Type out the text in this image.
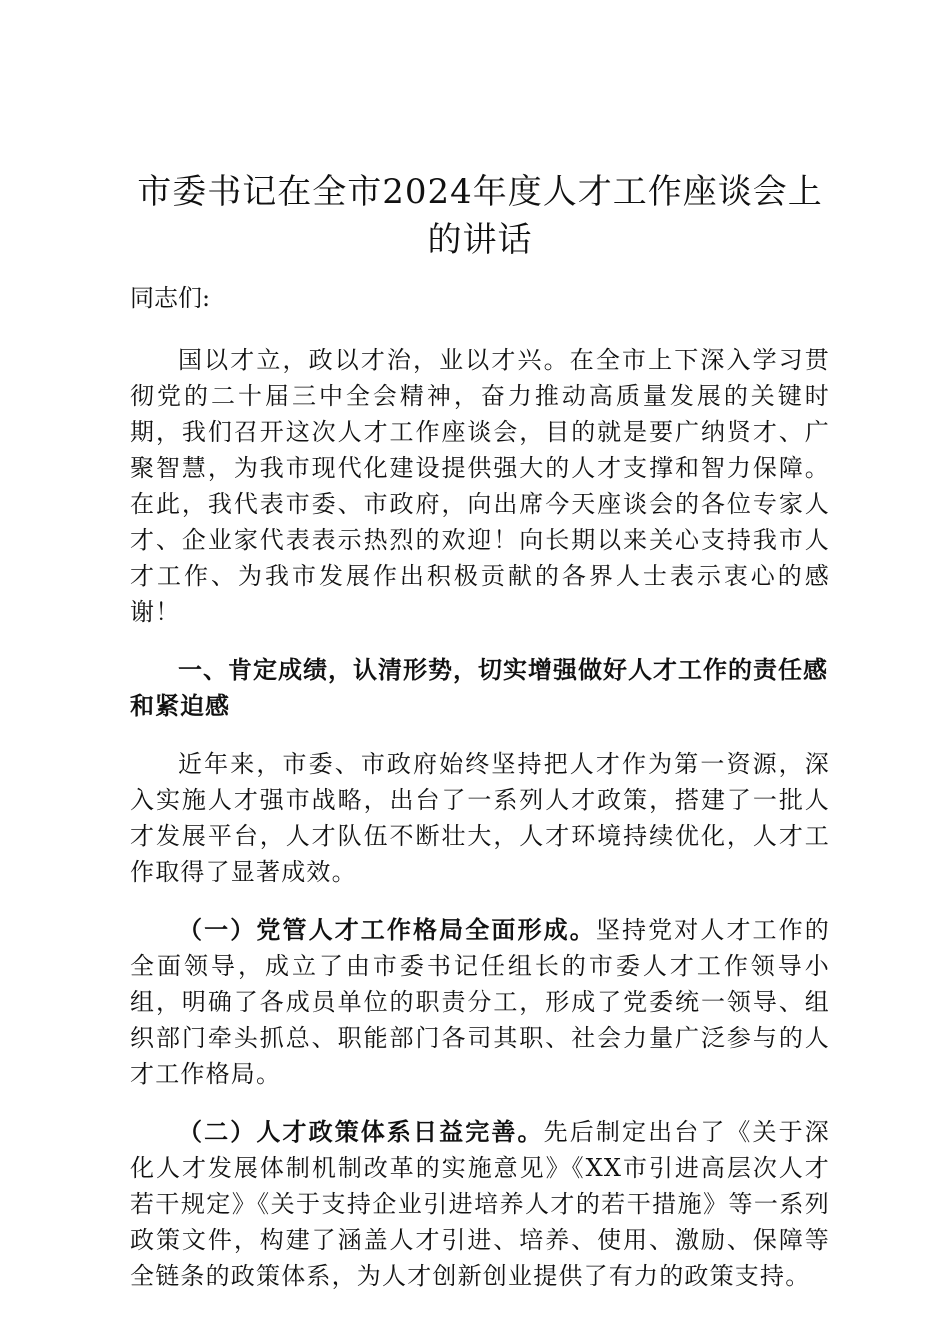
市委书记在全市2024年度人才工作座谈会上的讲话

同志们:

国以才立，政以才治，业以才兴。在全市上下深入学习贯彻党的二十届三中全会精神，奋力推动高质量发展的关键时期，我们召开这次人才工作座谈会，目的就是要广纳贤才、广聚智慧，为我市现代化建设提供强大的人才支撑和智力保障。在此，我代表市委、市政府，向出席今天座谈会的各位专家人才、企业家代表表示热烈的欢迎！向长期以来关心支持我市人才工作、为我市发展作出积极贡献的各界人士表示衷心的感谢！

一、肯定成绩，认清形势，切实增强做好人才工作的责任感和紧迫感

近年来，市委、市政府始终坚持把人才作为第一资源，深入实施人才强市战略，出台了一系列人才政策，搭建了一批人才发展平台，人才队伍不断壮大，人才环境持续优化，人才工作取得了显著成效。

（一）党管人才工作格局全面形成。坚持党对人才工作的全面领导，成立了由市委书记任组长的市委人才工作领导小组，明确了各成员单位的职责分工，形成了党委统一领导、组织部门牵头抓总、职能部门各司其职、社会力量广泛参与的人才工作格局。

（二）人才政策体系日益完善。先后制定出台了《关于深化人才发展体制机制改革的实施意见》《XX市引进高层次人才若干规定》《关于支持企业引进培养人才的若干措施》等一系列政策文件，构建了涵盖人才引进、培养、使用、激励、保障等全链条的政策体系，为人才创新创业提供了有力的政策支持。
